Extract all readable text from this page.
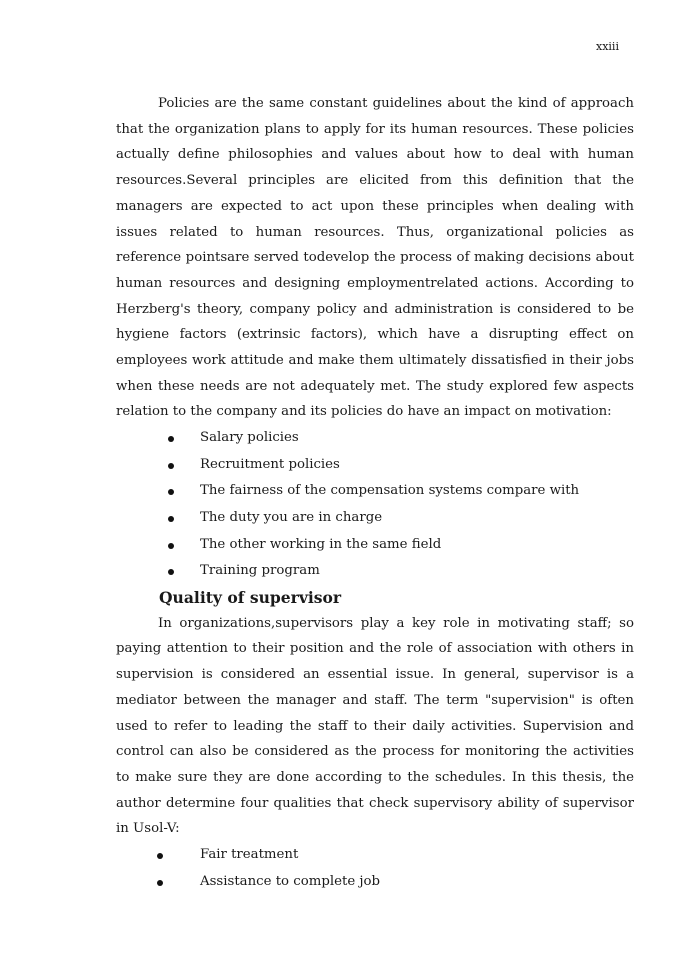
xxiii

Policies are the same constant guidelines about the kind of approach that the organization plans to apply for its human resources. These policies actually define philosophies and values about how to deal with human resources.Several principles are elicited from this definition that the managers are expected to act upon these principles when dealing with issues related to human resources. Thus, organizational policies as reference pointsare served todevelop the process of making decisions about human resources and designing employmentrelated actions. According to Herzberg's theory, company policy and administration is considered to be hygiene factors (extrinsic factors), which have a disrupting effect on employees work attitude and make them ultimately dissatisfied in their jobs when these needs are not adequately met. The study explored few aspects relation to the company and its policies do have an impact on motivation:

Salary policies
Recruitment policies
The fairness of the compensation systems compare with
The duty you are in charge
The other working in the same field
Training program
Quality of supervisor

In organizations,supervisors play a key role in motivating staff; so paying attention to their position and the role of association with others in supervision is considered an essential issue. In general, supervisor is a mediator between the manager and staff. The term "supervision" is often used to refer to leading the staff to their daily activities. Supervision and control can also be considered as the process for monitoring the activities to make sure they are done according to the schedules. In this thesis, the author determine four qualities that check supervisory ability of supervisor in Usol-V:

Fair treatment
Assistance to complete job
